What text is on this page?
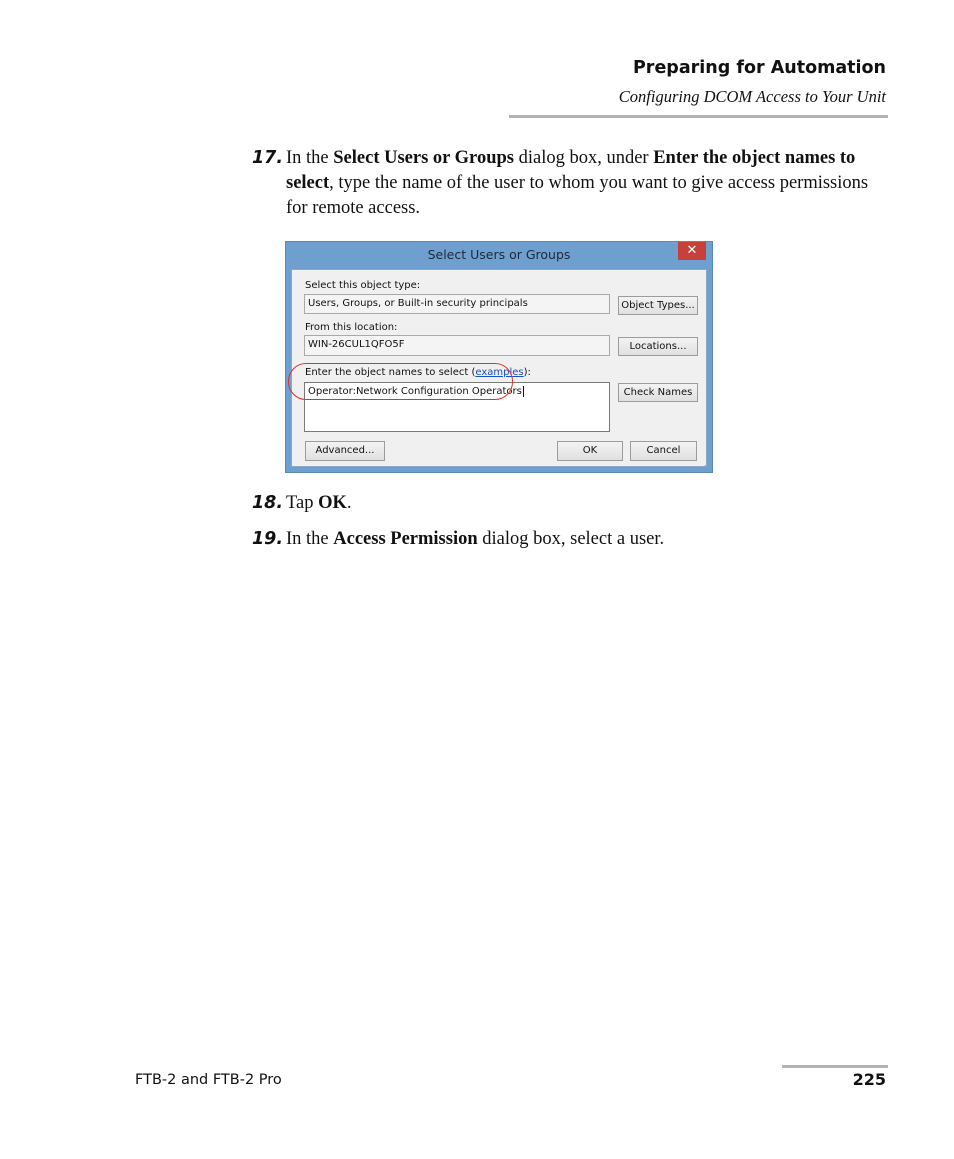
Preparing for Automation
Configuring DCOM Access to Your Unit
17. In the Select Users or Groups dialog box, under Enter the object names to select, type the name of the user to whom you want to give access permissions for remote access.
Select Users or Groups	✕
Select this object type:
Users, Groups, or Built-in security principals	Object Types...
From this location:
WIN-26CUL1QFO5F	Locations...
Enter the object names to select (examples):
Operator:Network Configuration Operators	Check Names
Advanced...	OK	Cancel
⋰
18. Tap OK.
19. In the Access Permission dialog box, select a user.
FTB-2 and FTB-2 Pro	225
